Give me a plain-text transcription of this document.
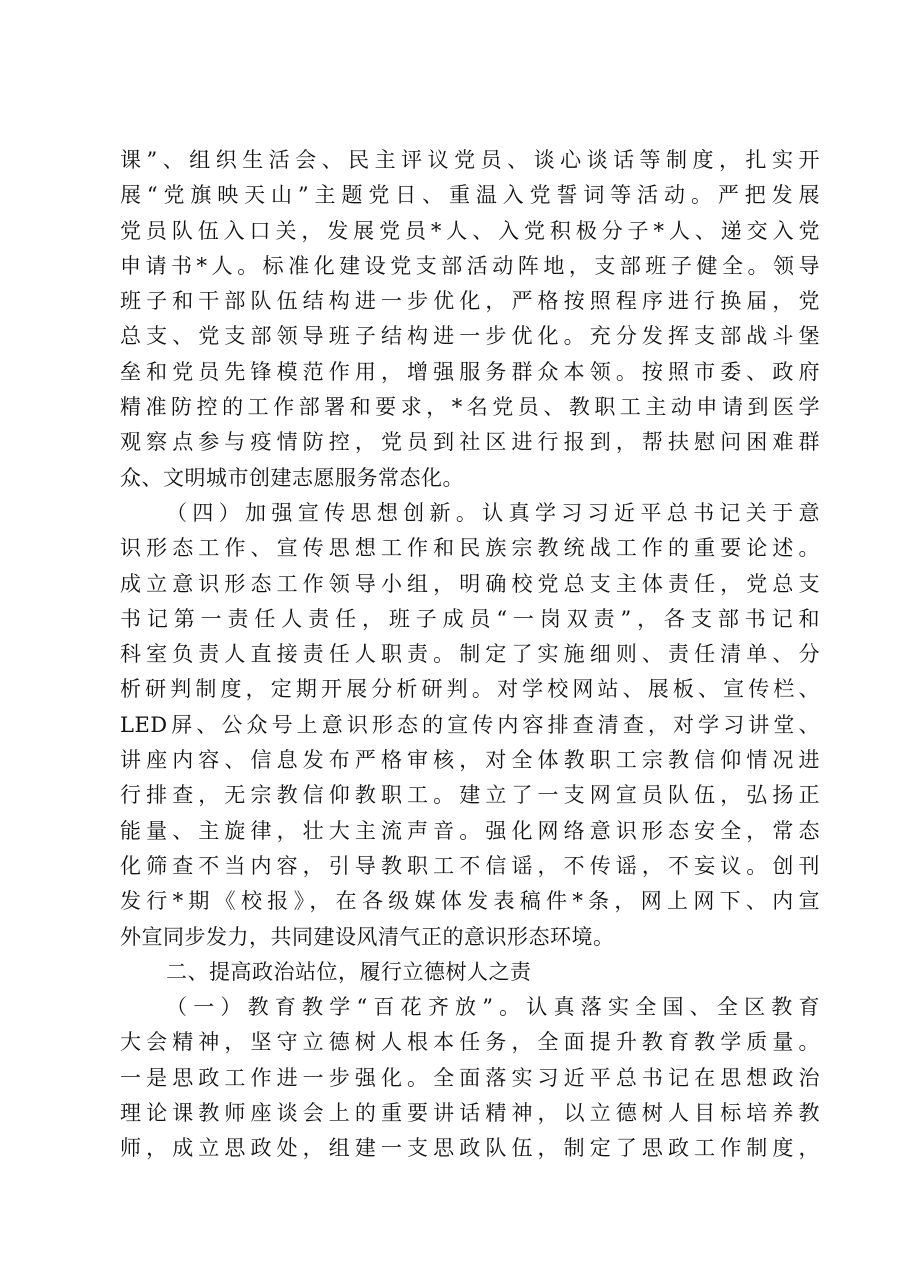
课”、组织生活会、民主评议党员、谈心谈话等制度，扎实开
展“党旗映天山”主题党日、重温入党誓词等活动。严把发展
党员队伍入口关，发展党员*人、入党积极分子*人、递交入党
申请书*人。标准化建设党支部活动阵地，支部班子健全。领导
班子和干部队伍结构进一步优化，严格按照程序进行换届，党
总支、党支部领导班子结构进一步优化。充分发挥支部战斗堡
垒和党员先锋模范作用，增强服务群众本领。按照市委、政府
精准防控的工作部署和要求，*名党员、教职工主动申请到医学
观察点参与疫情防控，党员到社区进行报到，帮扶慰问困难群
众、文明城市创建志愿服务常态化。
（四）加强宣传思想创新。认真学习习近平总书记关于意
识形态工作、宣传思想工作和民族宗教统战工作的重要论述。
成立意识形态工作领导小组，明确校党总支主体责任，党总支
书记第一责任人责任，班子成员“一岗双责”，各支部书记和
科室负责人直接责任人职责。制定了实施细则、责任清单、分
析研判制度，定期开展分析研判。对学校网站、展板、宣传栏、
LED屏、公众号上意识形态的宣传内容排查清查，对学习讲堂、
讲座内容、信息发布严格审核，对全体教职工宗教信仰情况进
行排查，无宗教信仰教职工。建立了一支网宣员队伍，弘扬正
能量、主旋律，壮大主流声音。强化网络意识形态安全，常态
化筛查不当内容，引导教职工不信谣，不传谣，不妄议。创刊
发行*期《校报》，在各级媒体发表稿件*条，网上网下、内宣
外宣同步发力，共同建设风清气正的意识形态环境。
二、提高政治站位，履行立德树人之责
（一）教育教学“百花齐放”。认真落实全国、全区教育
大会精神，坚守立德树人根本任务，全面提升教育教学质量。
一是思政工作进一步强化。全面落实习近平总书记在思想政治
理论课教师座谈会上的重要讲话精神，以立德树人目标培养教
师，成立思政处，组建一支思政队伍，制定了思政工作制度，
